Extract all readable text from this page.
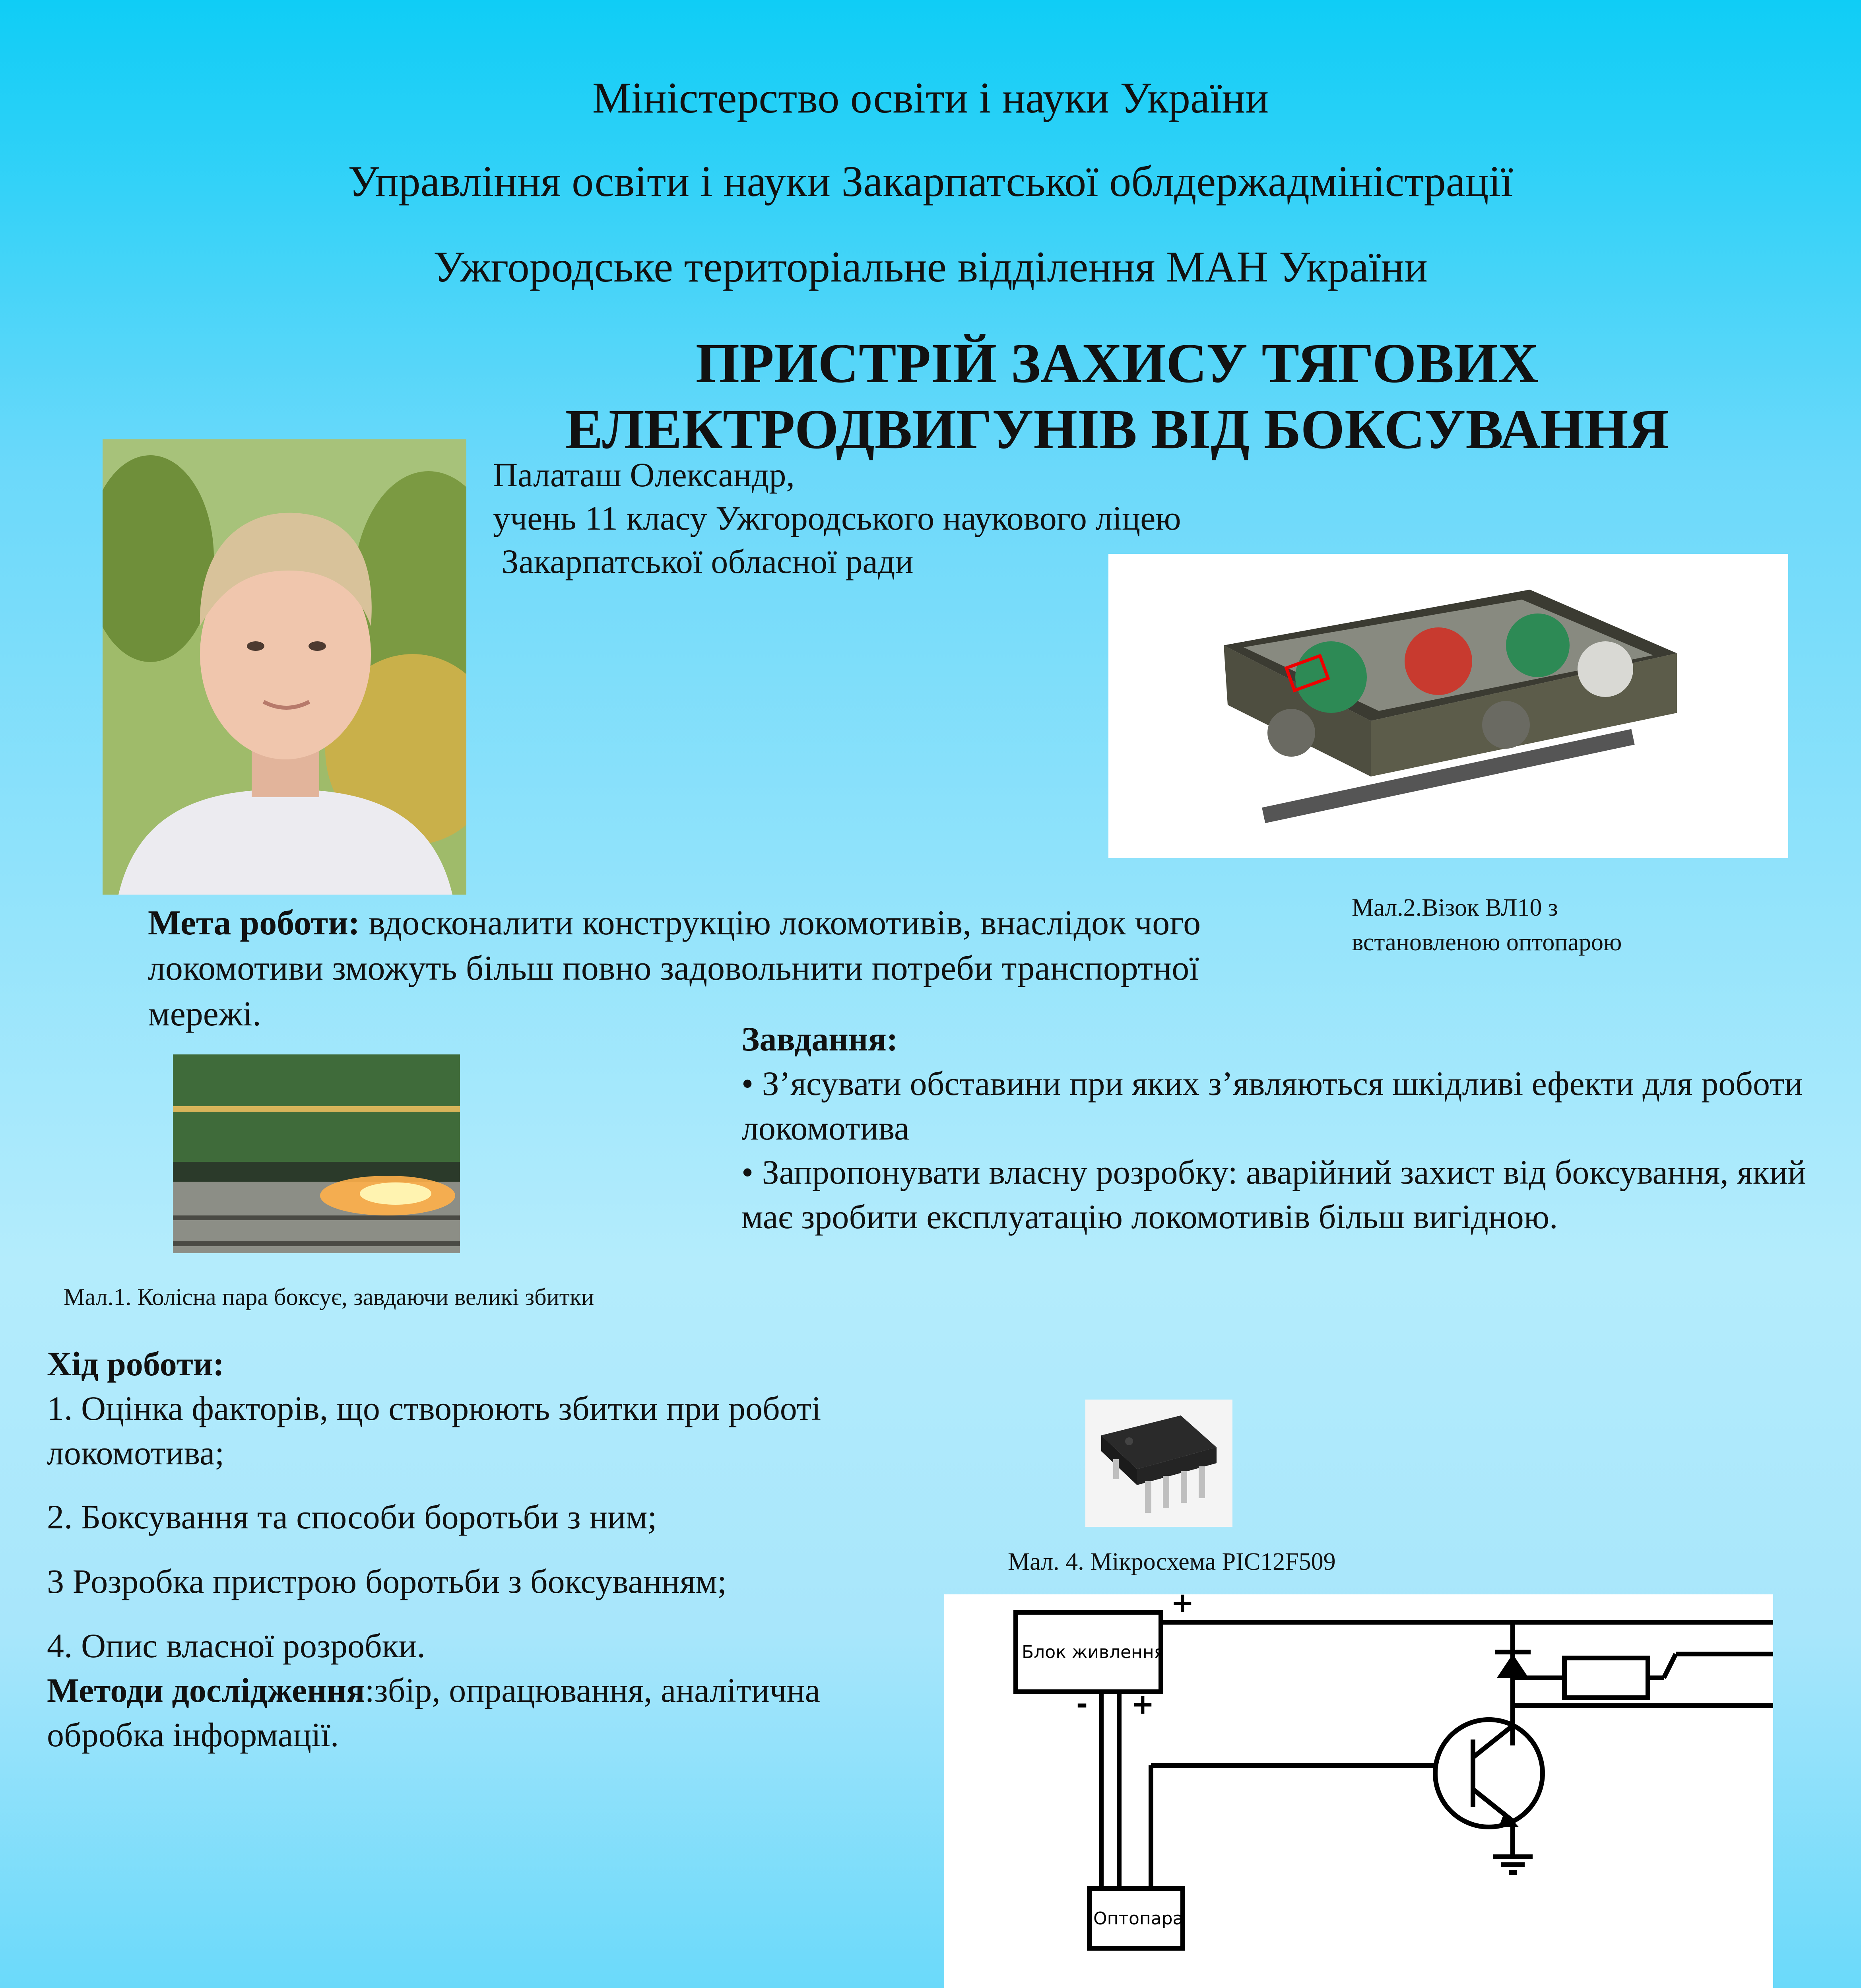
Міністерство освіти і науки України
Управління освіти і науки Закарпатської облдержадміністрації
Ужгородське територіальне відділення МАН України
ПРИСТРІЙ ЗАХИСУ ТЯГОВИХ
ЕЛЕКТРОДВИГУНІВ ВІД БОКСУВАННЯ
Палаташ Олександр,
учень 11 класу Ужгородського наукового ліцею
Закарпатської обласної ради
Мал.2.Візок ВЛ10 з
встановленою оптопарою

Мета роботи: вдосконалити конструкцію локомотивів, внаслідок чого локомотиви зможуть більш повно задовольнити потреби транспортної мережі.

Мал.1. Колісна пара боксує, завдаючи великі збитки

Завдання:

• З’ясувати обставини при яких з’являються шкідливі ефекти для роботи локомотива

• Запропонувати власну розробку: аварійний захист від боксування, який має зробити експлуатацію локомотивів більш вигідною.

Хід роботи:

1. Оцінка факторів, що створюють збитки при роботі локомотива;

2. Боксування та способи боротьби з ним;

3 Розробка пристрою боротьби з боксуванням;

4. Опис власної розробки.

Методи дослідження:збір, опрацювання, аналітична обробка інформації.

Мал. 4. Мікросхема PIC12F509
Блок живлення
Оптопара
+
+
-
